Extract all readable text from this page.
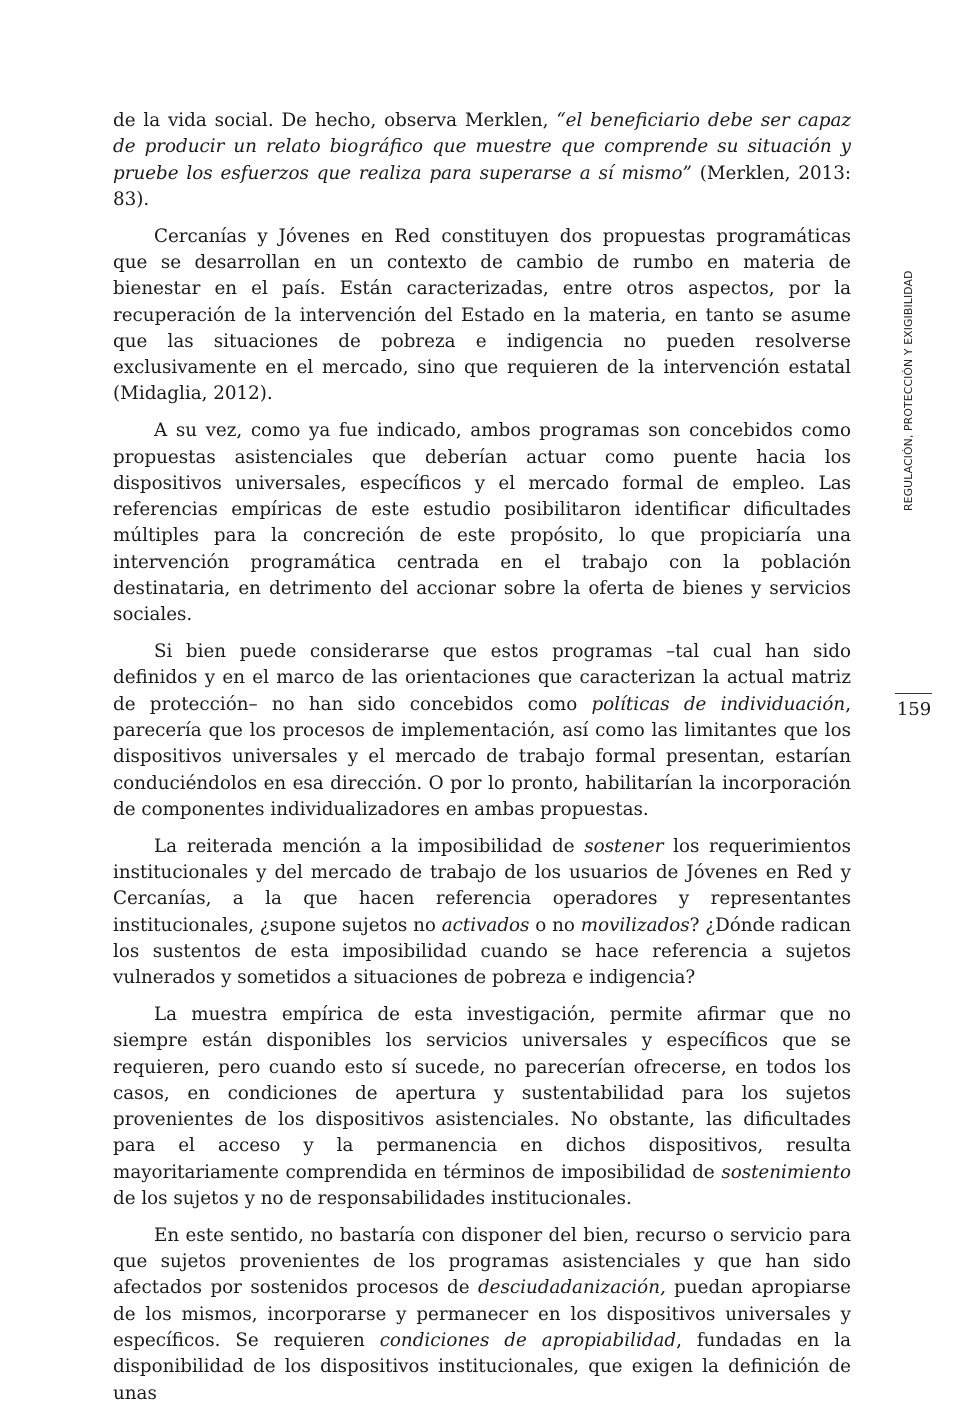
de la vida social. De hecho, observa Merklen, “el beneficiario debe ser capaz de producir un relato biográfico que muestre que comprende su situación y pruebe los esfuerzos que realiza para superarse a sí mismo” (Merklen, 2013: 83).

Cercanías y Jóvenes en Red constituyen dos propuestas programáticas que se desarrollan en un contexto de cambio de rumbo en materia de bienestar en el país. Están caracterizadas, entre otros aspectos, por la recuperación de la intervención del Estado en la materia, en tanto se asume que las situaciones de pobreza e indigencia no pueden resolverse exclusivamente en el mercado, sino que requieren de la intervención estatal (Midaglia, 2012).

A su vez, como ya fue indicado, ambos programas son concebidos como propuestas asistenciales que deberían actuar como puente hacia los dispositivos universales, específicos y el mercado formal de empleo. Las referencias empíricas de este estudio posibilitaron identificar dificultades múltiples para la concreción de este propósito, lo que propiciaría una intervención programática centrada en el trabajo con la población destinataria, en detrimento del accionar sobre la oferta de bienes y servicios sociales.

Si bien puede considerarse que estos programas –tal cual han sido definidos y en el marco de las orientaciones que caracterizan la actual matriz de protección– no han sido concebidos como políticas de individuación, parecería que los procesos de implementación, así como las limitantes que los dispositivos universales y el mercado de trabajo formal presentan, estarían conduciéndolos en esa dirección. O por lo pronto, habilitarían la incorporación de componentes individualizadores en ambas propuestas.

La reiterada mención a la imposibilidad de sostener los requerimientos institucionales y del mercado de trabajo de los usuarios de Jóvenes en Red y Cercanías, a la que hacen referencia operadores y representantes institucionales, ¿supone sujetos no activados o no movilizados? ¿Dónde radican los sustentos de esta imposibilidad cuando se hace referencia a sujetos vulnerados y sometidos a situaciones de pobreza e indigencia?

La muestra empírica de esta investigación, permite afirmar que no siempre están disponibles los servicios universales y específicos que se requieren, pero cuando esto sí sucede, no parecerían ofrecerse, en todos los casos, en condiciones de apertura y sustentabilidad para los sujetos provenientes de los dispositivos asistenciales. No obstante, las dificultades para el acceso y la permanencia en dichos dispositivos, resulta mayoritariamente comprendida en términos de imposibilidad de sostenimiento de los sujetos y no de responsabilidades institucionales.

En este sentido, no bastaría con disponer del bien, recurso o servicio para que sujetos provenientes de los programas asistenciales y que han sido afectados por sostenidos procesos de desciudadanización, puedan apropiarse de los mismos, incorporarse y permanecer en los dispositivos universales y específicos. Se requieren condiciones de apropiabilidad, fundadas en la disponibilidad de los dispositivos institucionales, que exigen la definición de unas

REGULACIÓN, PROTECCIÓN Y EXIGIBILIDAD
159
